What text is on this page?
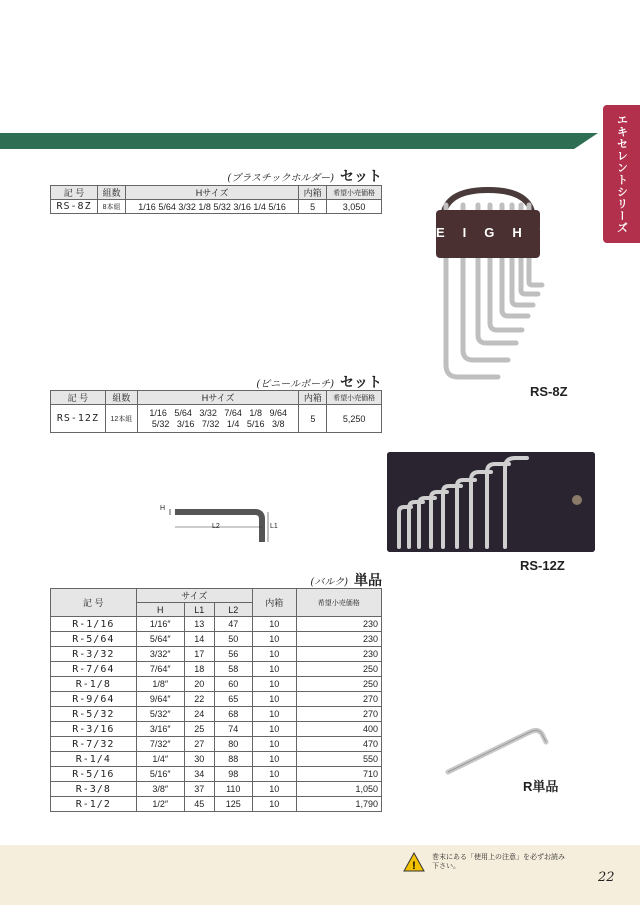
エキセレントシリーズ
(プラスチックホルダー) セット
記 号	組数	Hサイズ	内箱	希望小売価格
RS-8Z	8本組	1/16 5/64 3/32 1/8 5/32 3/16 1/4 5/16	5	3,050
EIGHT
RS-8Z
(ビニールポーチ) セット
記 号	組数	Hサイズ	内箱	希望小売価格
RS-12Z	12本組	1/16   5/64   3/32   7/64   1/8   9/64
5/32   3/16   7/32   1/4   5/16   3/8	5	5,250
RS-12Z
H
L2	L1
(バルク) 単品
記 号	サイズ			内箱	希望小売価格
	H	L1	L2		
R-1/16	1/16″	13	47	10	230
R-5/64	5/64″	14	50	10	230
R-3/32	3/32″	17	56	10	230
R-7/64	7/64″	18	58	10	250
R-1/8	1/8″	20	60	10	250
R-9/64	9/64″	22	65	10	270
R-5/32	5/32″	24	68	10	270
R-3/16	3/16″	25	74	10	400
R-7/32	7/32″	27	80	10	470
R-1/4	1/4″	30	88	10	550
R-5/16	5/16″	34	98	10	710
R-3/8	3/8″	37	110	10	1,050
R-1/2	1/2″	45	125	10	1,790
R単品
!
巻末にある「使用上の注意」を必ずお読み
下さい。
22
